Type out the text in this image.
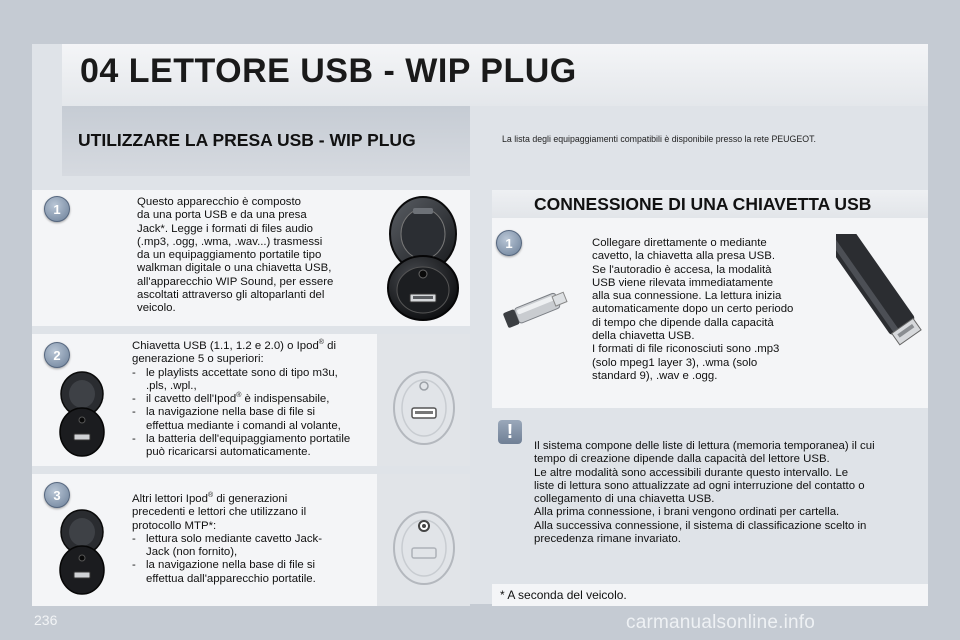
04 LETTORE USB - WIP PLUG
UTILIZZARE LA PRESA USB - WIP PLUG	La lista degli equipaggiamenti compatibili è disponibile presso la rete PEUGEOT.
1	Questo apparecchio è composto

da una porta USB e da una presa

Jack*. Legge i formati di files audio

(.mp3, .ogg, .wma, .wav...) trasmessi

da un equipaggiamento portatile tipo

walkman digitale o una chiavetta USB,

all'apparecchio WIP Sound, per essere

ascoltati attraverso gli altoparlanti del

veicolo.

2

Chiavetta USB (1.1, 1.2 e 2.0) o Ipod® di

generazione 5 o superiori:

- le playlists accettate sono di tipo m3u,
.pls, .wpl.,
- il cavetto dell'Ipod® è indispensabile,
- la navigazione nella base di file si
effettua mediante i comandi al volante,
- la batteria dell'equipaggiamento portatile
può ricaricarsi automaticamente.
3	Altri lettori Ipod® di generazioni

precedenti e lettori che utilizzano il

protocollo MTP*:

- lettura solo mediante cavetto Jack-
Jack (non fornito),
- la navigazione nella base di file si
effettua dall'apparecchio portatile.
CONNESSIONE DI UNA CHIAVETTA USB
1	Collegare direttamente o mediante

cavetto, la chiavetta alla presa USB.

Se l'autoradio è accesa, la modalità

USB viene rilevata immediatamente

alla sua connessione. La lettura inizia

automaticamente dopo un certo periodo

di tempo che dipende dalla capacità

della chiavetta USB.

I formati di file riconosciuti sono .mp3

(solo mpeg1 layer 3), .wma (solo

standard 9), .wav e .ogg.

!

Il sistema compone delle liste di lettura (memoria temporanea) il cui

tempo di creazione dipende dalla capacità del lettore USB.

Le altre modalità sono accessibili durante questo intervallo. Le

liste di lettura sono attualizzate ad ogni interruzione del contatto o

collegamento di una chiavetta USB.

Alla prima connessione, i brani vengono ordinati per cartella.

Alla successiva connessione, il sistema di classificazione scelto in

precedenza rimane invariato.

* A seconda del veicolo.
236	carmanualsonline.info
